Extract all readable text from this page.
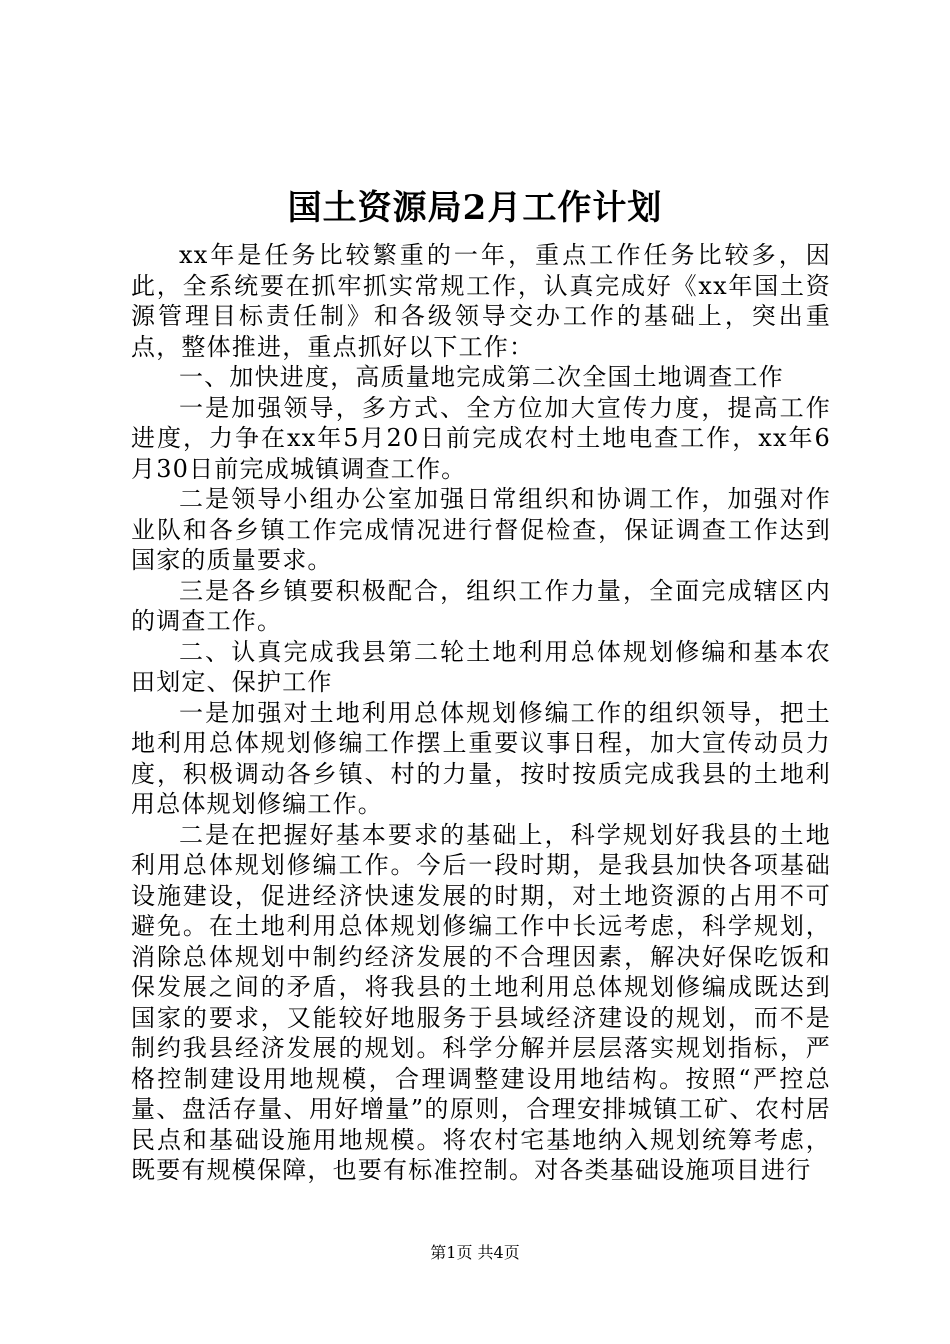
国土资源局2月工作计划

xx年是任务比较繁重的一年，重点工作任务比较多，因此，全系统要在抓牢抓实常规工作，认真完成好《xx年国土资源管理目标责任制》和各级领导交办工作的基础上，突出重点，整体推进，重点抓好以下工作：

一、加快进度，高质量地完成第二次全国土地调查工作

一是加强领导，多方式、全方位加大宣传力度，提高工作进度，力争在xx年5月20日前完成农村土地电查工作，xx年6月30日前完成城镇调查工作。

二是领导小组办公室加强日常组织和协调工作，加强对作业队和各乡镇工作完成情况进行督促检查，保证调查工作达到国家的质量要求。

三是各乡镇要积极配合，组织工作力量，全面完成辖区内的调查工作。

二、认真完成我县第二轮土地利用总体规划修编和基本农田划定、保护工作

一是加强对土地利用总体规划修编工作的组织领导，把土地利用总体规划修编工作摆上重要议事日程，加大宣传动员力度，积极调动各乡镇、村的力量，按时按质完成我县的土地利用总体规划修编工作。

二是在把握好基本要求的基础上，科学规划好我县的土地利用总体规划修编工作。今后一段时期，是我县加快各项基础设施建设，促进经济快速发展的时期，对土地资源的占用不可避免。在土地利用总体规划修编工作中长远考虑，科学规划，消除总体规划中制约经济发展的不合理因素，解决好保吃饭和保发展之间的矛盾，将我县的土地利用总体规划修编成既达到国家的要求，又能较好地服务于县域经济建设的规划，而不是制约我县经济发展的规划。科学分解并层层落实规划指标，严格控制建设用地规模，合理调整建设用地结构。按照“严控总量、盘活存量、用好增量”的原则，合理安排城镇工矿、农村居民点和基础设施用地规模。将农村宅基地纳入规划统筹考虑，既要有规模保障，也要有标准控制。对各类基础设施项目进行

第1页 共4页
